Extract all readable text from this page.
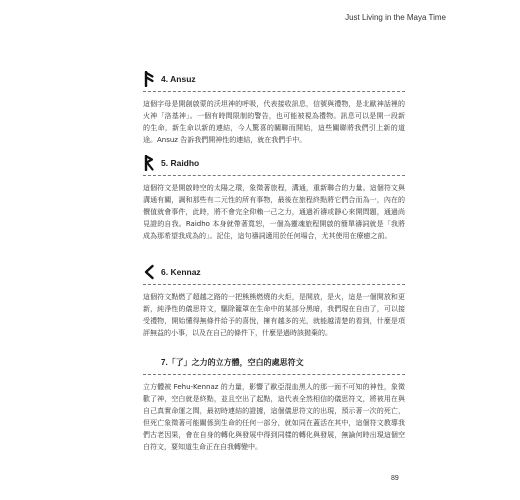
Just Living in the Maya Time
4. Ansuz
這個字母是開創啟蒙的沃坦神的呼吸，代表接收訊息，信號與禮物，是北歐神話裡的火神「洛基神」。一個有時間限制的警告，也可能被視為禮物。訊息可以是開一段新的生命，新生命以新的連結，今人驚喜的關聯而開始，這些關聯將我們引上新的道途。Ansuz 告訴我們開神性的連結，就在我們手中。
5. Raidho
這個符文是開啟時空的太陽之環，象徵著旅程，溝通，重新聯合的力量。這個符文與溝通有關，調和那些有二元性的所有事物，最後在旅程終點將它們合而為一，內在的價值就會事件，此時，將不會完全仰賴一己之力，通過祈禱或靜心來開問題，通過尚見證的自我。Raidho 本身就帶著寬恕，一個為靈魂旅程開啟的簡單禱詞就是「我將成為那希望我成為的」。記住，這句禱詞適用於任何場合，尤其使用在療癒之前。
6. Kennaz
這個符文點燃了超越之路的一把熊熊燃燒的火炬，是開放，是火，這是一個開放和更新，純淨性的儀思符文，驅除籠罩在生命中的某部分黑暗，我們現在自由了，可以接受禮物，開始懂得無條件給予的喜悅，擁有越多的光，就能越清楚的看到，什麼是項評無益的小事，以及在自己的條件下，什麼是過時該拋棄的。
7.「了」之力的立方體，空白的處思符文
立方體被 Fehu-Kennaz 的力量，影響了歐亞混血黑人的那一面不可知的神性，象徵歡了神，空白就是終點，並且空出了起點，這代表全然相信的儀思符文，將被用在與自己真實命運之間，最初時連結的證據，這個儀思符文的出現，預示著一次的死亡，但死亡象徵著可能關係到生命的任何一部分，就如同在蓋活在其中，這個符文教導我們古老因果，會在自身的轉化與發展中得到同樣的轉化與發展，無論何時出現這個空白符文，要知道生命正在自我轉變中。
89
